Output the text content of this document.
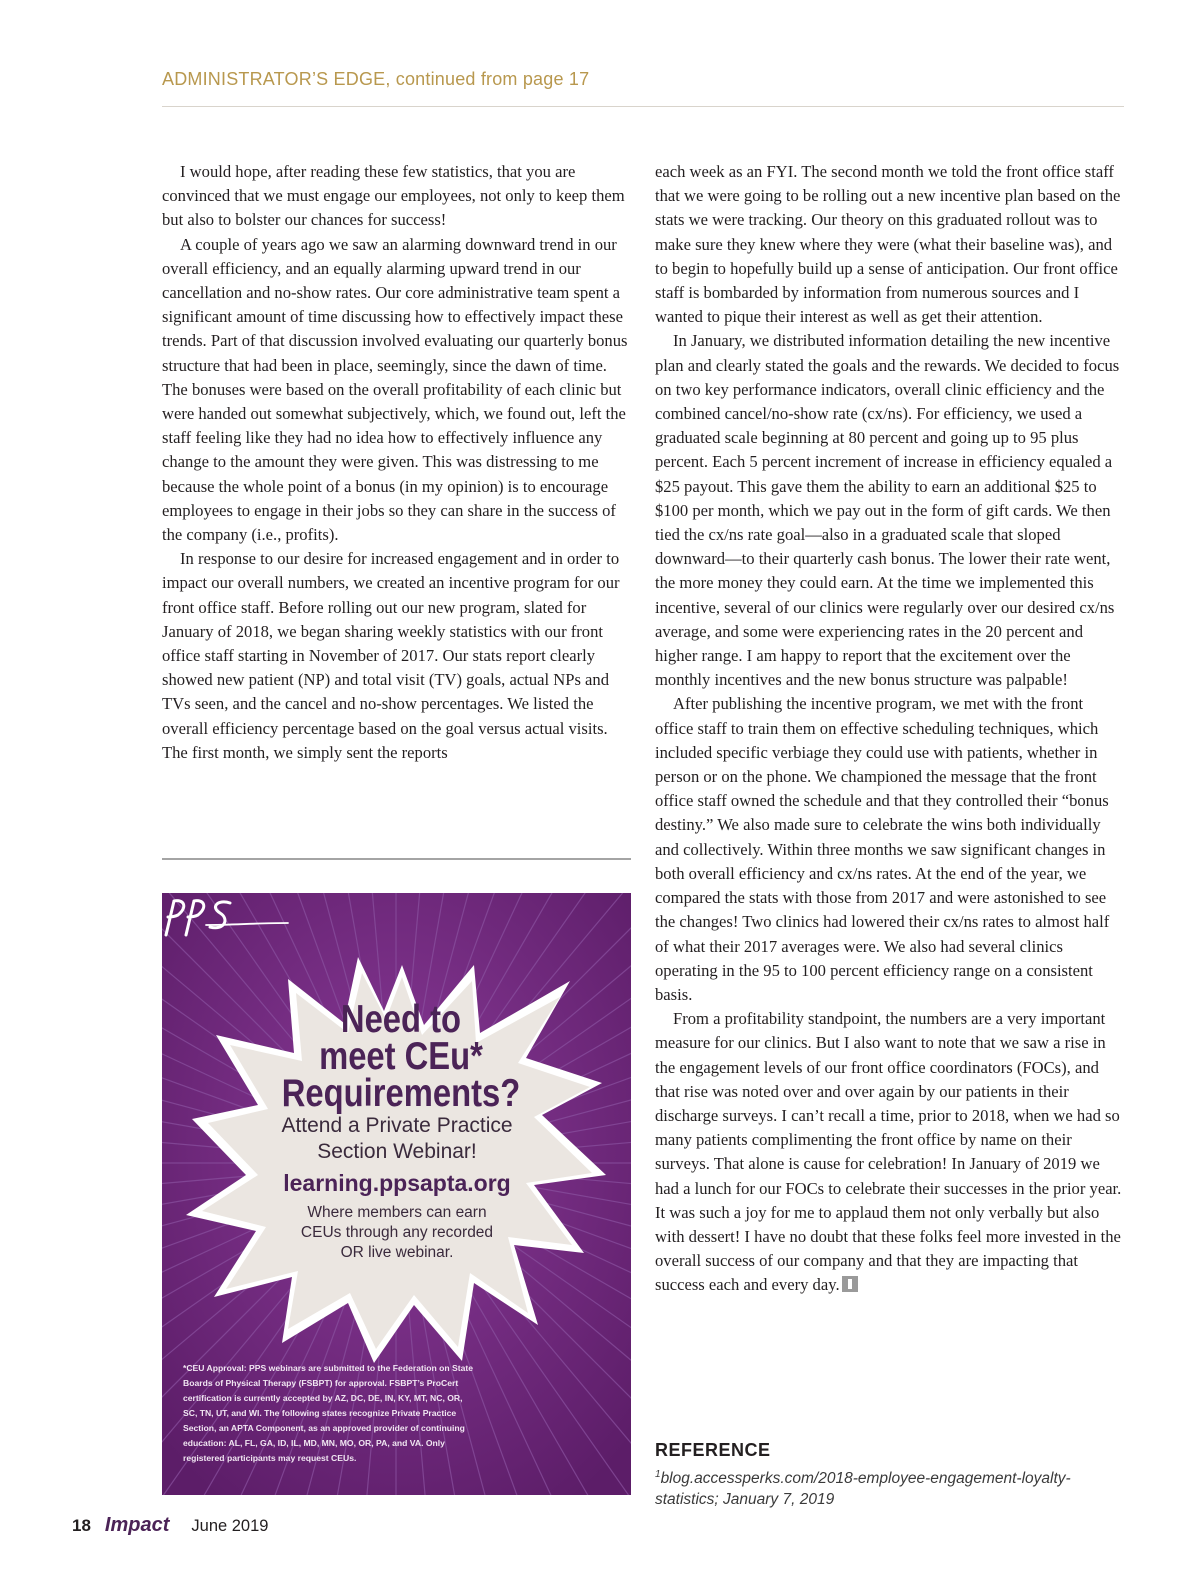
ADMINISTRATOR’S EDGE, continued from page 17

I would hope, after reading these few statistics, that you are convinced that we must engage our employees, not only to keep them but also to bolster our chances for success!

A couple of years ago we saw an alarming downward trend in our overall efficiency, and an equally alarming upward trend in our cancellation and no-show rates. Our core administrative team spent a significant amount of time discussing how to effectively impact these trends. Part of that discussion involved evaluating our quarterly bonus structure that had been in place, seemingly, since the dawn of time. The bonuses were based on the overall profitability of each clinic but were handed out somewhat subjectively, which, we found out, left the staff feeling like they had no idea how to effectively influence any change to the amount they were given. This was distressing to me because the whole point of a bonus (in my opinion) is to encourage employees to engage in their jobs so they can share in the success of the company (i.e., profits).

In response to our desire for increased engagement and in order to impact our overall numbers, we created an incentive program for our front office staff. Before rolling out our new program, slated for January of 2018, we began sharing weekly statistics with our front office staff starting in November of 2017. Our stats report clearly showed new patient (NP) and total visit (TV) goals, actual NPs and TVs seen, and the cancel and no-show percentages. We listed the overall efficiency percentage based on the goal versus actual visits. The first month, we simply sent the reports

each week as an FYI. The second month we told the front office staff that we were going to be rolling out a new incentive plan based on the stats we were tracking. Our theory on this graduated rollout was to make sure they knew where they were (what their baseline was), and to begin to hopefully build up a sense of anticipation. Our front office staff is bombarded by information from numerous sources and I wanted to pique their interest as well as get their attention.

In January, we distributed information detailing the new incentive plan and clearly stated the goals and the rewards. We decided to focus on two key performance indicators, overall clinic efficiency and the combined cancel/no-show rate (cx/ns). For efficiency, we used a graduated scale beginning at 80 percent and going up to 95 plus percent. Each 5 percent increment of increase in efficiency equaled a $25 payout. This gave them the ability to earn an additional $25 to $100 per month, which we pay out in the form of gift cards. We then tied the cx/ns rate goal—also in a graduated scale that sloped downward—to their quarterly cash bonus. The lower their rate went, the more money they could earn. At the time we implemented this incentive, several of our clinics were regularly over our desired cx/ns average, and some were experiencing rates in the 20 percent and higher range. I am happy to report that the excitement over the monthly incentives and the new bonus structure was palpable!

After publishing the incentive program, we met with the front office staff to train them on effective scheduling techniques, which included specific verbiage they could use with patients, whether in person or on the phone. We championed the message that the front office staff owned the schedule and that they controlled their “bonus destiny.” We also made sure to celebrate the wins both individually and collectively. Within three months we saw significant changes in both overall efficiency and cx/ns rates. At the end of the year, we compared the stats with those from 2017 and were astonished to see the changes! Two clinics had lowered their cx/ns rates to almost half of what their 2017 averages were. We also had several clinics operating in the 95 to 100 percent efficiency range on a consistent basis.

From a profitability standpoint, the numbers are a very important measure for our clinics. But I also want to note that we saw a rise in the engagement levels of our front office coordinators (FOCs), and that rise was noted over and over again by our patients in their discharge surveys. I can’t recall a time, prior to 2018, when we had so many patients complimenting the front office by name on their surveys. That alone is cause for celebration! In January of 2019 we had a lunch for our FOCs to celebrate their successes in the prior year. It was such a joy for me to applaud them not only verbally but also with dessert! I have no doubt that these folks feel more invested in the overall success of our company and that they are impacting that success each and every day.

Need to
meet CEu*
Requirements?
Attend a Private Practice
Section Webinar!
learning.ppsapta.org
Where members can earn
CEUs through any recorded
OR live webinar.
*CEU Approval: PPS webinars are submitted to the Federation on State
Boards of Physical Therapy (FSBPT) for approval. FSBPT’s ProCert
certification is currently accepted by AZ, DC, DE, IN, KY, MT, NC, OR,
SC, TN, UT, and WI. The following states recognize Private Practice
Section, an APTA Component, as an approved provider of continuing
education: AL, FL, GA, ID, IL, MD, MN, MO, OR, PA, and VA. Only
registered participants may request CEUs.	REFERENCE
$^1$blog.accessperks.com/2018-employee-engagement-loyalty-
statistics; January 7, 2019
18 Impact June 2019
